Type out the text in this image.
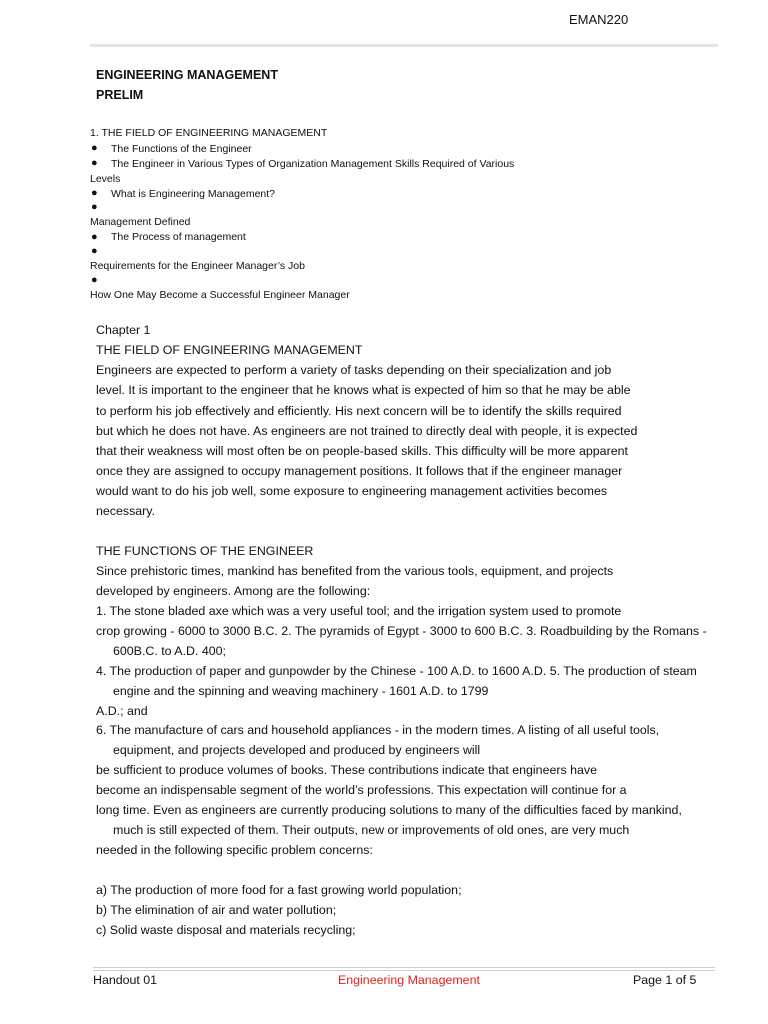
EMAN220
ENGINEERING MANAGEMENT
PRELIM
1. THE FIELD OF ENGINEERING MANAGEMENT
● The Functions of the Engineer
● The Engineer in Various Types of Organization Management Skills Required of Various
Levels
● What is Engineering Management?
●
Management Defined
● The Process of management
●
Requirements for the Engineer Manager’s Job
●
How One May Become a Successful Engineer Manager
Chapter 1
THE FIELD OF ENGINEERING MANAGEMENT
Engineers are expected to perform a variety of tasks depending on their specialization and job
level. It is important to the engineer that he knows what is expected of him so that he may be able
to perform his job effectively and efficiently. His next concern will be to identify the skills required
but which he does not have. As engineers are not trained to directly deal with people, it is expected
that their weakness will most often be on people-based skills. This difficulty will be more apparent
once they are assigned to occupy management positions. It follows that if the engineer manager
would want to do his job well, some exposure to engineering management activities becomes
necessary.
THE FUNCTIONS OF THE ENGINEER
Since prehistoric times, mankind has benefited from the various tools, equipment, and projects
developed by engineers. Among are the following:
1. The stone bladed axe which was a very useful tool; and the irrigation system used to promote
crop growing - 6000 to 3000 B.C. 2. The pyramids of Egypt - 3000 to 600 B.C. 3. Roadbuilding by the Romans -
600B.C. to A.D. 400;
4. The production of paper and gunpowder by the Chinese - 100 A.D. to 1600 A.D. 5. The production of steam
engine and the spinning and weaving machinery - 1601 A.D. to 1799
A.D.; and
6. The manufacture of cars and household appliances - in the modern times. A listing of all useful tools,
equipment, and projects developed and produced by engineers will
be sufficient to produce volumes of books. These contributions indicate that engineers have
become an indispensable segment of the world’s professions. This expectation will continue for a
long time. Even as engineers are currently producing solutions to many of the difficulties faced by mankind,
much is still expected of them. Their outputs, new or improvements of old ones, are very much
needed in the following specific problem concerns:
a) The production of more food for a fast growing world population;
b) The elimination of air and water pollution;
c) Solid waste disposal and materials recycling;
Handout 01	Engineering Management	Page 1 of 5
